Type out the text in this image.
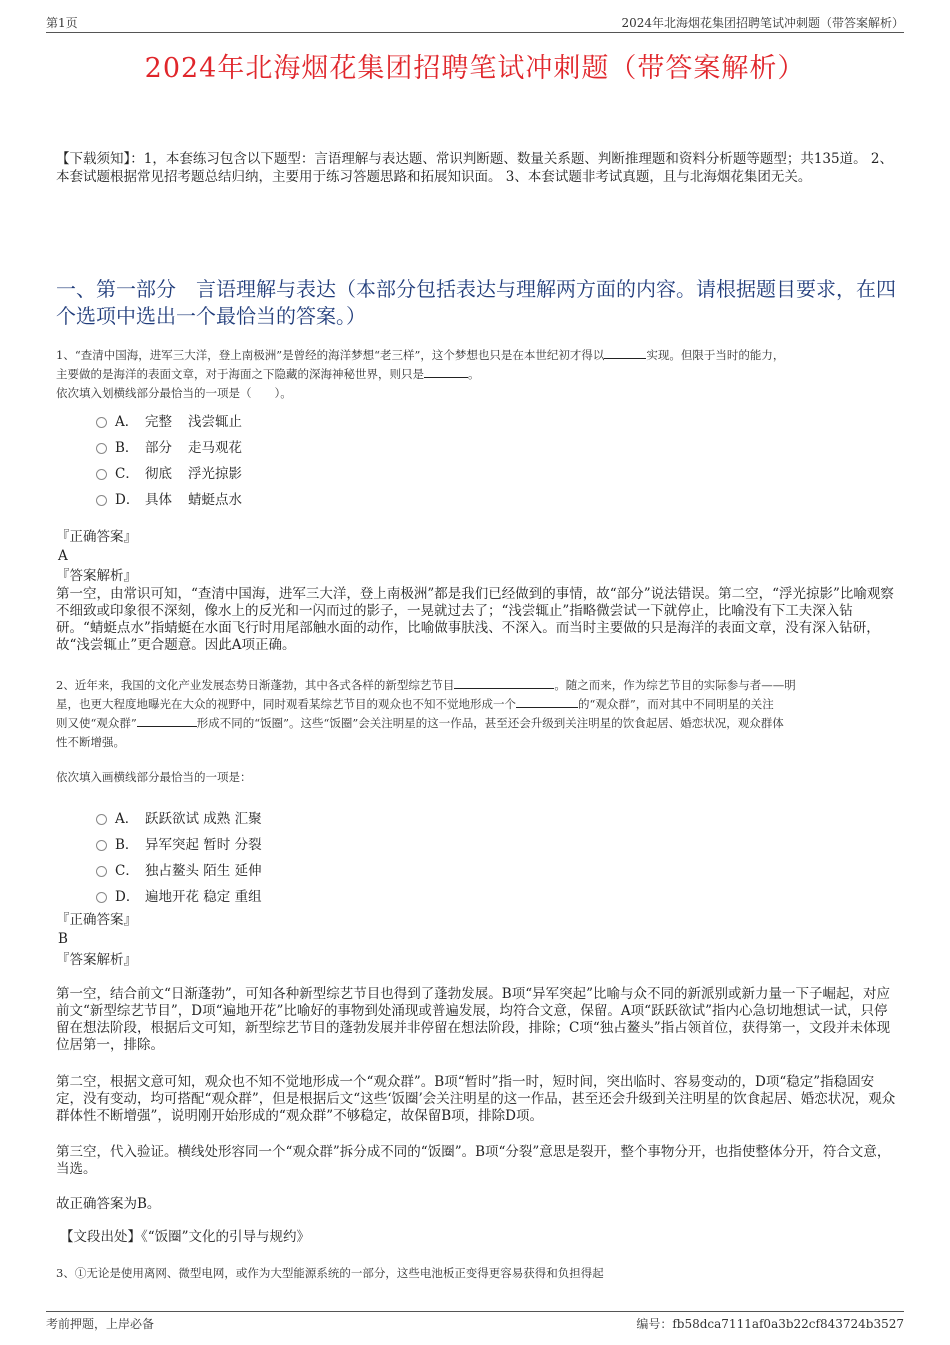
第1页	2024年北海烟花集团招聘笔试冲刺题（带答案解析）
2024年北海烟花集团招聘笔试冲刺题（带答案解析）
【下载须知】：1，本套练习包含以下题型：言语理解与表达题、常识判断题、数量关系题、判断推理题和资料分析题等题型；共135道。 2、本套试题根据常见招考题总结归纳，主要用于练习答题思路和拓展知识面。 3、本套试题非考试真题，且与北海烟花集团无关。
一、第一部分　言语理解与表达（本部分包括表达与理解两方面的内容。请根据题目要求，在四个选项中选出一个最恰当的答案。）
1、“查清中国海，进军三大洋，登上南极洲”是曾经的海洋梦想“老三样”，这个梦想也只是在本世纪初才得以	实现。但限于当时的能力，
主要做的是海洋的表面文章，对于海面之下隐藏的深海神秘世界，则只是	。
依次填入划横线部分最恰当的一项是（　　）。
A． 完整 浅尝辄止
B． 部分 走马观花
C． 彻底 浮光掠影
D． 具体 蜻蜓点水
『正确答案』
A
『答案解析』
第一空，由常识可知，“查清中国海，进军三大洋，登上南极洲”都是我们已经做到的事情，故“部分”说法错误。第二空，“浮光掠影”比喻观察不细致或印象很不深刻，像水上的反光和一闪而过的影子，一晃就过去了；“浅尝辄止”指略微尝试一下就停止，比喻没有下工夫深入钻研。“蜻蜓点水”指蜻蜓在水面飞行时用尾部触水面的动作，比喻做事肤浅、不深入。而当时主要做的只是海洋的表面文章，没有深入钻研，故“浅尝辄止”更合题意。因此A项正确。
2、近年来，我国的文化产业发展态势日渐蓬勃，其中各式各样的新型综艺节目	。随之而来，作为综艺节目的实际参与者——明
星，也更大程度地曝光在大众的视野中，同时观看某综艺节目的观众也不知不觉地形成一个	的“观众群”，而对其中不同明星的关注
则又使“观众群”	形成不同的“饭圈”。这些“饭圈”会关注明星的这一作品，甚至还会升级到关注明星的饮食起居、婚恋状况，观众群体
性不断增强。
依次填入画横线部分最恰当的一项是：
A． 跃跃欲试 成熟 汇聚
B． 异军突起 暂时 分裂
C． 独占鳌头 陌生 延伸
D． 遍地开花 稳定 重组
『正确答案』
B
『答案解析』
第一空，结合前文“日渐蓬勃”，可知各种新型综艺节目也得到了蓬勃发展。B项“异军突起”比喻与众不同的新派别或新力量一下子崛起，对应前文“新型综艺节目”，D项“遍地开花”比喻好的事物到处涌现或普遍发展，均符合文意，保留。A项“跃跃欲试”指内心急切地想试一试，只停留在想法阶段，根据后文可知，新型综艺节目的蓬勃发展并非停留在想法阶段，排除；C项“独占鳌头”指占领首位，获得第一，文段并未体现位居第一，排除。
第二空，根据文意可知，观众也不知不觉地形成一个“观众群”。B项“暂时”指一时，短时间，突出临时、容易变动的，D项“稳定”指稳固安定，没有变动，均可搭配“观众群”，但是根据后文“这些‘饭圈’会关注明星的这一作品，甚至还会升级到关注明星的饮食起居、婚恋状况，观众群体性不断增强”，说明刚开始形成的“观众群”不够稳定，故保留B项，排除D项。
第三空，代入验证。横线处形容同一个“观众群”拆分成不同的“饭圈”。B项“分裂”意思是裂开，整个事物分开，也指使整体分开，符合文意，当选。
故正确答案为B。
【文段出处】《“饭圈”文化的引导与规约》
3、①无论是使用离网、微型电网，或作为大型能源系统的一部分，这些电池板正变得更容易获得和负担得起
考前押题，上岸必备	编号：fb58dca7111af0a3b22cf843724b3527
